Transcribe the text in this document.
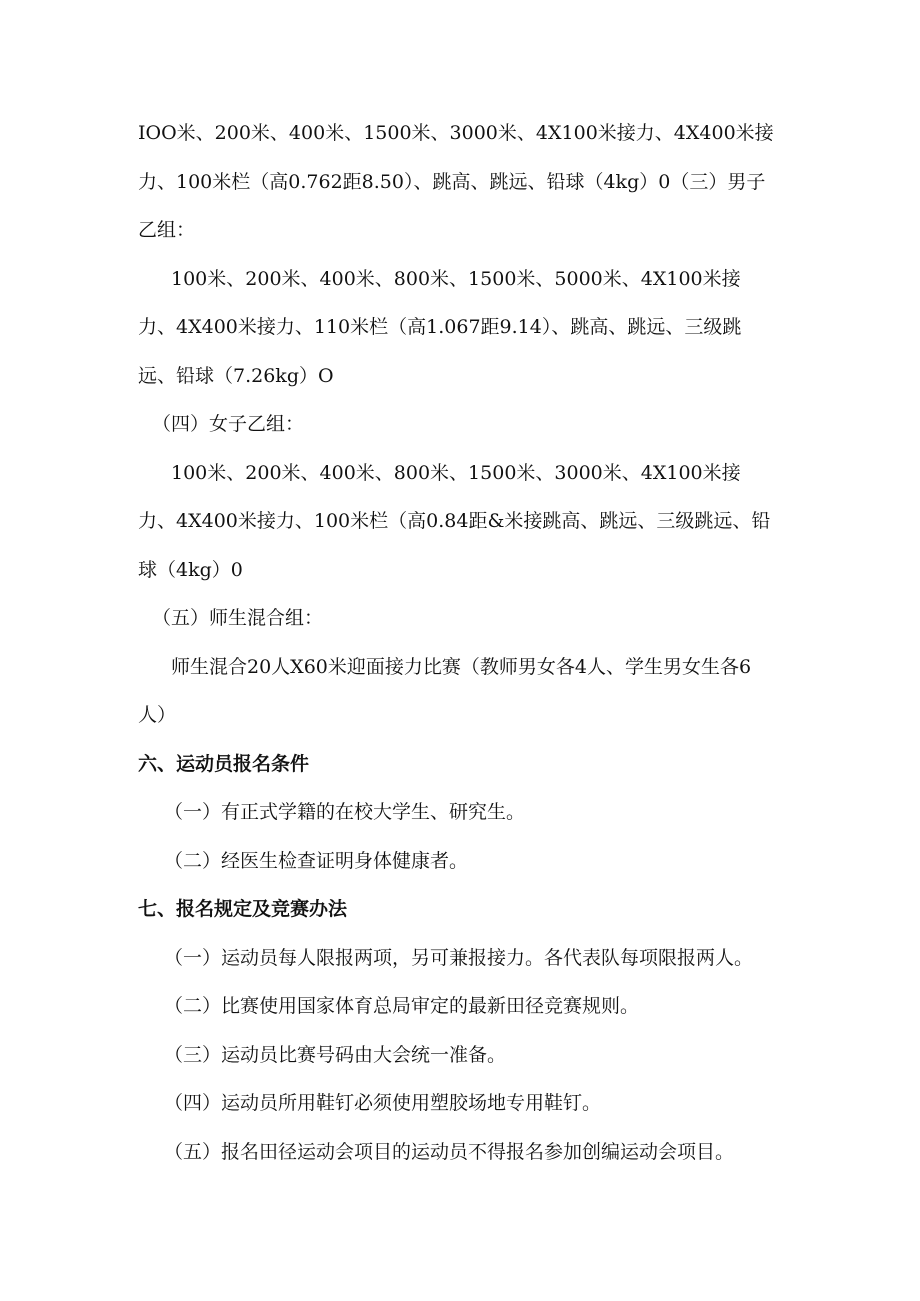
IOO米、200米、400米、1500米、3000米、4X100米接力、4X400米接力、100米栏（高0.762距8.50）、跳高、跳远、铅球（4kg）0（三）男子乙组：

100米、200米、400米、800米、1500米、5000米、4X100米接力、4X400米接力、110米栏（高1.067距9.14）、跳高、跳远、三级跳远、铅球（7.26kg）O

（四）女子乙组：

100米、200米、400米、800米、1500米、3000米、4X100米接力、4X400米接力、100米栏（高0.84距&米接跳高、跳远、三级跳远、铅球（4kg）0

（五）师生混合组：

师生混合20人X60米迎面接力比赛（教师男女各4人、学生男女生各6人）

六、运动员报名条件

（一）有正式学籍的在校大学生、研究生。

（二）经医生检查证明身体健康者。

七、报名规定及竞赛办法

（一）运动员每人限报两项，另可兼报接力。各代表队每项限报两人。

（二）比赛使用国家体育总局审定的最新田径竞赛规则。

（三）运动员比赛号码由大会统一准备。

（四）运动员所用鞋钉必须使用塑胶场地专用鞋钉。

（五）报名田径运动会项目的运动员不得报名参加创编运动会项目。
